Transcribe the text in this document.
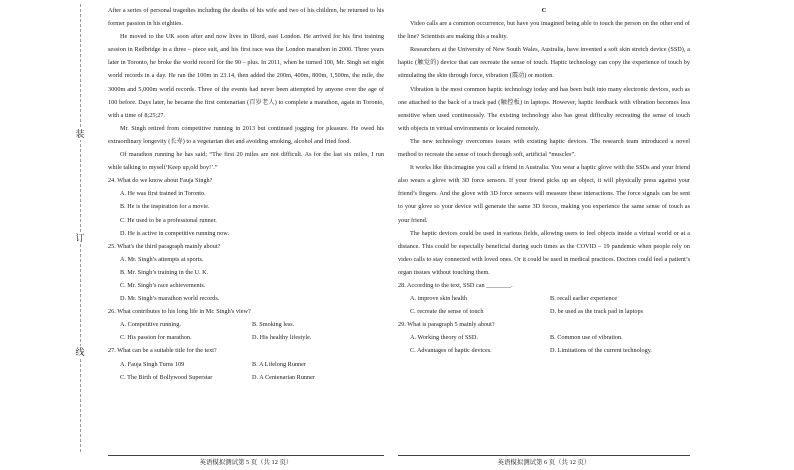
装
订
线

After a series of personal tragedies including the deaths of his wife and two of his children, he returned to his former passion in his eighties.

He moved to the UK soon after and now lives in Ilford, east London. He arrived for his first training session in Redbridge in a three – piece suit, and his first race was the London marathon in 2000. Three years later in Toronto, he broke the world record for the 90 – plus. In 2011, when he turned 100, Mr. Singh set eight world records in a day. He ran the 100m in 23.14, then added the 200m, 400m, 800m, 1,500m, the mile, the 3000m and 5,000m world records. Three of the events had never been attempted by anyone over the age of 100 before. Days later, he became the first centenarian (百岁老人) to complete a marathon, again in Toronto, with a time of 8;25;27.

Mr. Singh retired from competitive running in 2013 but continued jogging for pleasure. He owed his extraordinary longevity (长寿) to a vegetarian diet and avoiding smoking, alcohol and fried food.

Of marathon running he has said; “The first 20 miles are not difficult. As for the last six miles, I run while talking to myself‘Keep up,old boy!’.”

24. What do we know about Fauja Singh?

A. He was first trained in Toronto.

B. He is the inspiration for a movie.

C. He used to be a professional runner.

D. He is active in competitive running now.

25. What's the third paragraph mainly about?

A. Mr. Singh’s attempts at sports.

B. Mr. Singh’s training in the U. K.

C. Mr. Singh’s race achievements.

D. Mr. Singh’s marathon world records.

26. What contributes to his long life in Mr. Singh's view?

A. Competitive running.	B. Smoking less.
C. His passion for marathon.	D. His healthy lifestyle.

27. What can be a suitable title for the text?

A. Fauja Singh Turns 109	B. A Lifelong Runner
C. The Birth of Bollywood Superstar	D. A Centenarian Runner

C

Video calls are a common occurrence, but have you imagined being able to touch the person on the other end of the line? Scientists are making this a reality.

Researchers at the University of New South Wales, Australia, have invented a soft skin stretch device (SSD), a haptic (触觉的) device that can recreate the sense of touch. Haptic technology can copy the experience of touch by stimulating the skin through force, vibration (震动) or motion.

Vibration is the most common haptic technology today and has been built into many electronic devices, such as one attached to the back of a track pad (触控板) in laptops. However, haptic feedback with vibration becomes less sensitive when used continuously. The existing technology also has great difficulty recreating the sense of touch with objects in virtual environments or located remotely.

The new technology overcomes issues with existing haptic devices. The research team introduced a novel method to recreate the sense of touch through soft, artificial “muscles”.

It works like this:imagine you call a friend in Australia. You wear a haptic glove with the SSDs and your friend also wears a glove with 3D force sensors. If your friend picks up an object, it will physically press against your friend’s fingers. And the glove with 3D force sensors will measure these interactions. The force signals can be sent to your glove so your device will generate the same 3D forces, making you experience the same sense of touch as your friend.

The haptic devices could be used in various fields, allowing users to feel objects inside a virtual world or at a distance. This could be especially beneficial during such times as the COVID – 19 pandemic when people rely on video calls to stay connected with loved ones. Or it could be used in medical practices. Doctors could feel a patient’s organ tissues without touching them.

28. According to the text, SSD can ________.

A. improve skin health	B. recall earlier experience
C. recreate the sense of touch	D. be used as the track pad in laptops

29. What is paragraph 5 mainly about?

A. Working theory of SSD.	B. Common use of vibration.
C. Advantages of haptic devices.	D. Limitations of the current technology.
英语模拟测试第 5 页（共 12 页）	英语模拟测试第 6 页（共 12 页）
